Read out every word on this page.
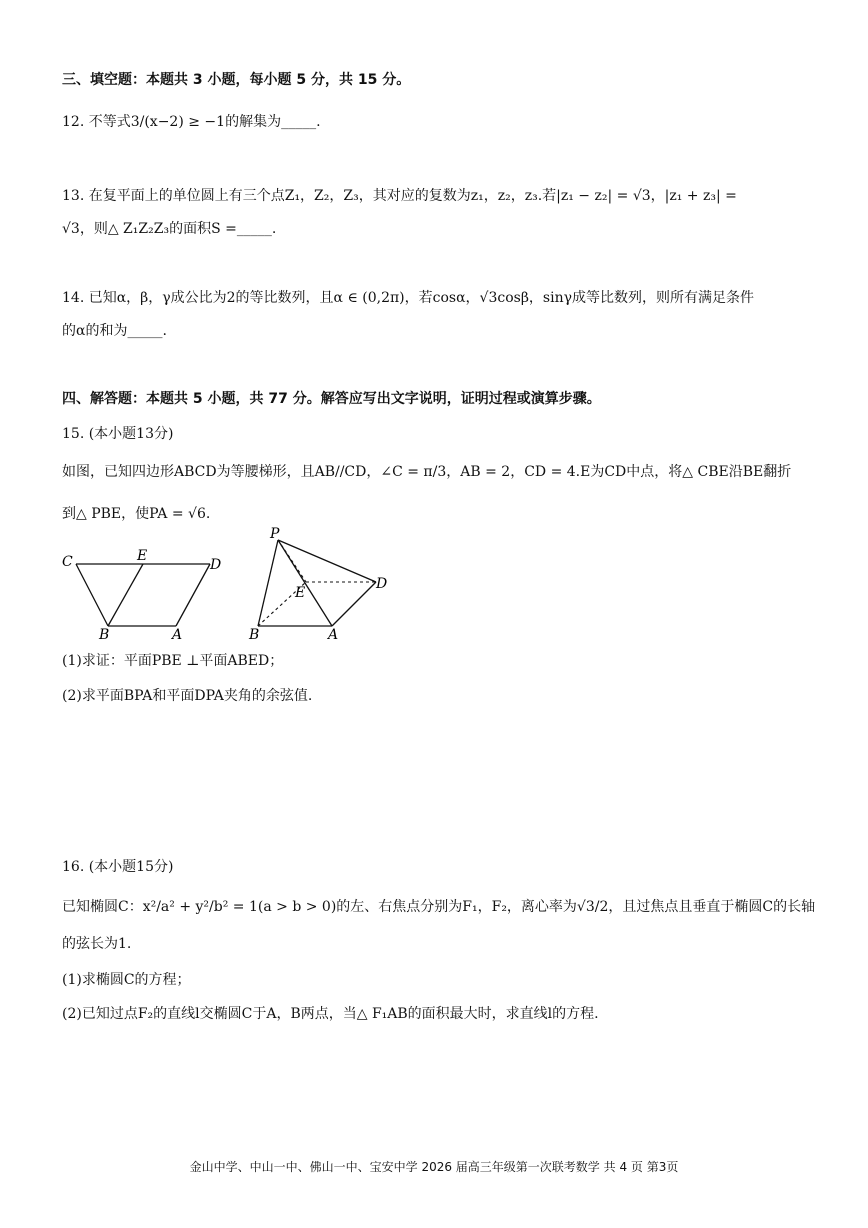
三、填空题：本题共 3 小题，每小题 5 分，共 15 分。
12. 不等式3/(x−2) ≥ −1的解集为_____.
13. 在复平面上的单位圆上有三个点Z₁，Z₂，Z₃，其对应的复数为z₁，z₂，z₃.若|z₁ − z₂| = √3，|z₁ + z₃| =
√3，则△ Z₁Z₂Z₃的面积S =_____.
14. 已知α，β，γ成公比为2的等比数列，且α ∈ (0,2π)，若cosα，√3cosβ，sinγ成等比数列，则所有满足条件
的α的和为_____.
四、解答题：本题共 5 小题，共 77 分。解答应写出文字说明，证明过程或演算步骤。
15. (本小题13分)
如图，已知四边形ABCD为等腰梯形，且AB//CD，∠C = π/3，AB = 2，CD = 4.E为CD中点，将△ CBE沿BE翻折
到△ PBE，使PA = √6.
C	E
D
B	A
P
E
D
B	A
(1)求证：平面PBE ⊥平面ABED；
(2)求平面BPA和平面DPA夹角的余弦值.
16. (本小题15分)
已知椭圆C：x²/a² + y²/b² = 1(a > b > 0)的左、右焦点分别为F₁，F₂，离心率为√3/2，且过焦点且垂直于椭圆C的长轴
的弦长为1.
(1)求椭圆C的方程；
(2)已知过点F₂的直线l交椭圆C于A，B两点，当△ F₁AB的面积最大时，求直线l的方程.
金山中学、中山一中、佛山一中、宝安中学 2026 届高三年级第一次联考数学 共 4 页 第3页
